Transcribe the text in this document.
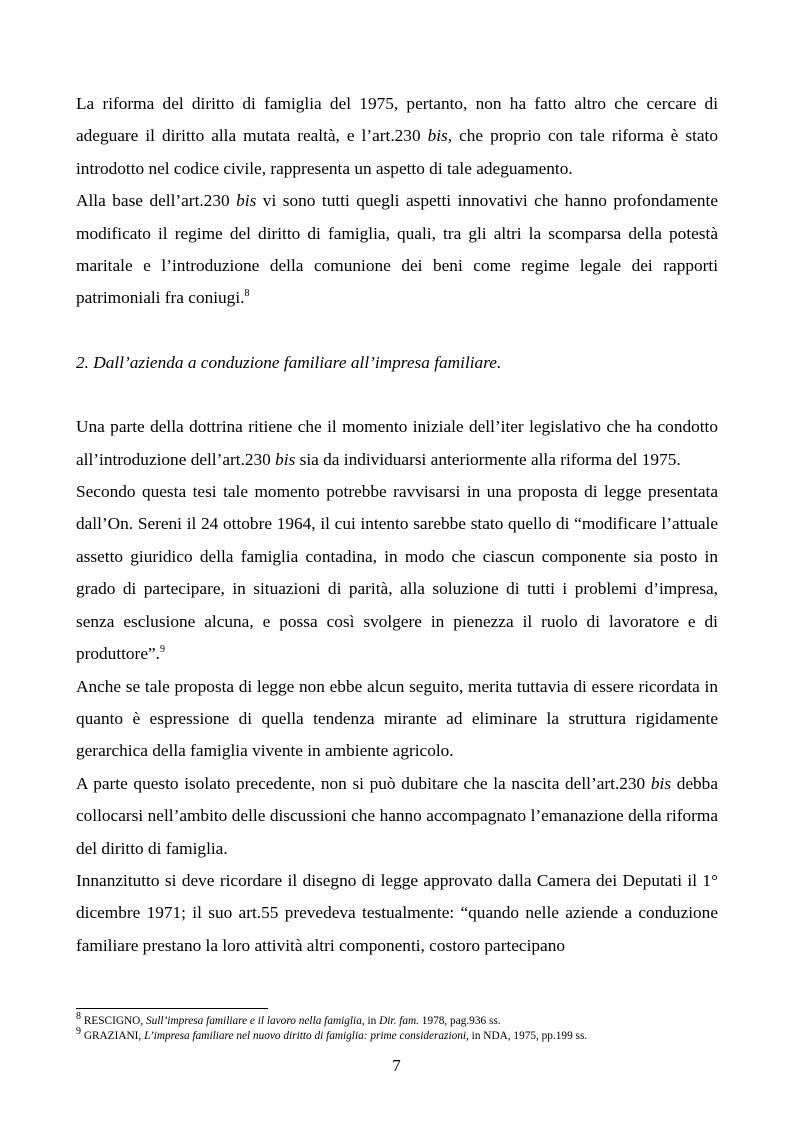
La riforma del diritto di famiglia del 1975, pertanto, non ha fatto altro che cercare di adeguare il diritto alla mutata realtà, e l’art.230 bis, che proprio con tale riforma è stato introdotto nel codice civile, rappresenta un aspetto di tale adeguamento.

Alla base dell’art.230 bis vi sono tutti quegli aspetti innovativi che hanno profondamente modificato il regime del diritto di famiglia, quali, tra gli altri la scomparsa della potestà maritale e l’introduzione della comunione dei beni come regime legale dei rapporti patrimoniali fra coniugi.$^8$

2. Dall’azienda a conduzione familiare all’impresa familiare.

Una parte della dottrina ritiene che il momento iniziale dell’iter legislativo che ha condotto all’introduzione dell’art.230 bis sia da individuarsi anteriormente alla riforma del 1975.

Secondo questa tesi tale momento potrebbe ravvisarsi in una proposta di legge presentata dall’On. Sereni il 24 ottobre 1964, il cui intento sarebbe stato quello di “modificare l’attuale assetto giuridico della famiglia contadina, in modo che ciascun componente sia posto in grado di partecipare, in situazioni di parità, alla soluzione di tutti i problemi d’impresa, senza esclusione alcuna, e possa così svolgere in pienezza il ruolo di lavoratore e di produttore”.$^9$

Anche se tale proposta di legge non ebbe alcun seguito, merita tuttavia di essere ricordata in quanto è espressione di quella tendenza mirante ad eliminare la struttura rigidamente gerarchica della famiglia vivente in ambiente agricolo.

A parte questo isolato precedente, non si può dubitare che la nascita dell’art.230 bis debba collocarsi nell’ambito delle discussioni che hanno accompagnato l’emanazione della riforma del diritto di famiglia.

Innanzitutto si deve ricordare il disegno di legge approvato dalla Camera dei Deputati il 1° dicembre 1971; il suo art.55 prevedeva testualmente: “quando nelle aziende a conduzione familiare prestano la loro attività altri componenti, costoro partecipano

$^8$ RESCIGNO, Sull’impresa familiare e il lavoro nella famiglia, in Dir. fam. 1978, pag.936 ss.

$^9$ GRAZIANI, L’impresa familiare nel nuovo diritto di famiglia: prime considerazioni, in NDA, 1975, pp.199 ss.

7
